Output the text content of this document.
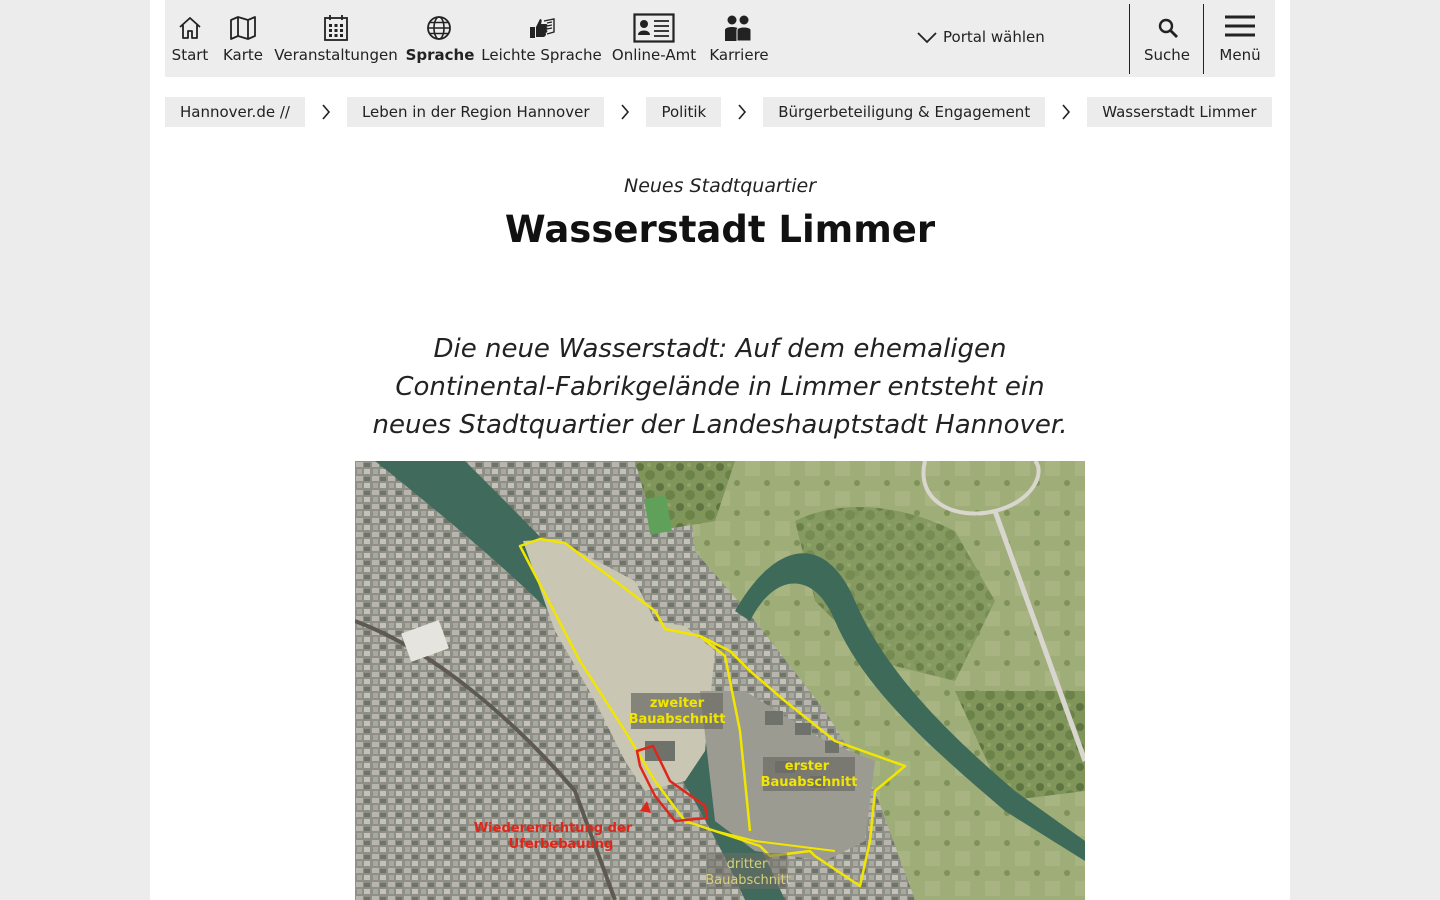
Start Karte Veranstaltungen Sprache Leichte Sprache Online-Amt Karriere
Portal wählen
Suche Menü
Hannover.de //	Leben in der Region Hannover	Politik	Bürgerbeteiligung & Engagement	Wasserstadt Limmer
Neues Stadtquartier
Wasserstadt Limmer

Die neue Wasserstadt: Auf dem ehemaligen Continental-Fabrikgelände in Limmer entsteht ein neues Stadtquartier der Landeshauptstadt Hannover.

zweiter
Bauabschnitt
erster
Bauabschnitt
Wiedererrichtung der
Uferbebauung
dritter
Bauabschnitt
